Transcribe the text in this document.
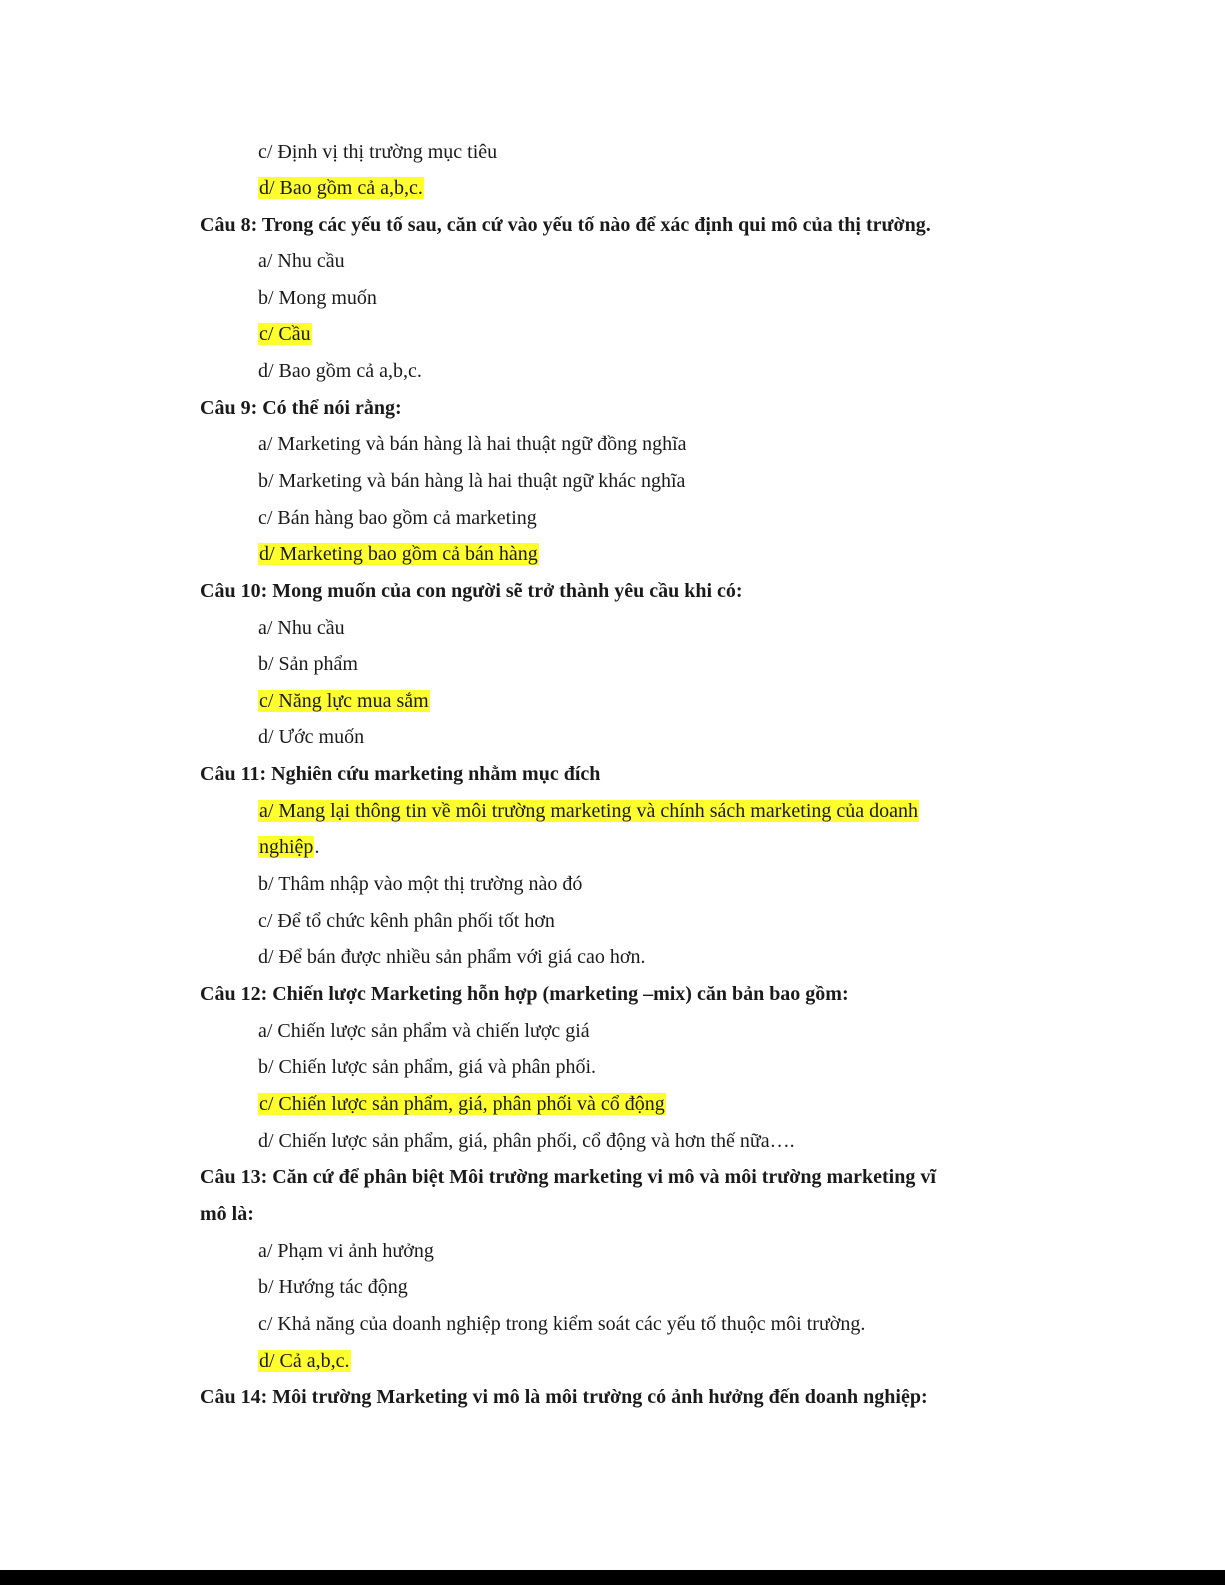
c/ Định vị thị trường mục tiêu
d/ Bao gồm cả a,b,c.
Câu 8: Trong các yếu tố sau, căn cứ vào yếu tố nào để xác định qui mô của thị trường.
a/ Nhu cầu
b/ Mong muốn
c/ Cầu
d/ Bao gồm cả a,b,c.
Câu 9: Có thể nói rằng:
a/ Marketing và bán hàng là hai thuật ngữ đồng nghĩa
b/ Marketing và bán hàng là hai thuật ngữ khác nghĩa
c/ Bán hàng bao gồm cả marketing
d/ Marketing bao gồm cả bán hàng
Câu 10: Mong muốn của con người sẽ trở thành yêu cầu khi có:
a/ Nhu cầu
b/ Sản phẩm
c/ Năng lực mua sắm
d/ Ước muốn
Câu 11: Nghiên cứu marketing nhằm mục đích
a/ Mang lại thông tin về môi trường marketing và chính sách marketing của doanh
nghiệp.
b/ Thâm nhập vào một thị trường nào đó
c/ Để tổ chức kênh phân phối tốt hơn
d/ Để bán được nhiều sản phẩm với giá cao hơn.
Câu 12: Chiến lược Marketing hỗn hợp (marketing –mix) căn bản bao gồm:
a/ Chiến lược sản phẩm và chiến lược giá
b/ Chiến lược sản phẩm, giá và phân phối.
c/ Chiến lược sản phẩm, giá, phân phối và cổ động
d/ Chiến lược sản phẩm, giá, phân phối, cổ động và hơn thế nữa….
Câu 13: Căn cứ để phân biệt Môi trường marketing vi mô và môi trường marketing vĩ
mô là:
a/ Phạm vi ảnh hưởng
b/ Hướng tác động
c/ Khả năng của doanh nghiệp trong kiểm soát các yếu tố thuộc môi trường.
d/ Cả a,b,c.
Câu 14: Môi trường Marketing vi mô là môi trường có ảnh hưởng đến doanh nghiệp:
